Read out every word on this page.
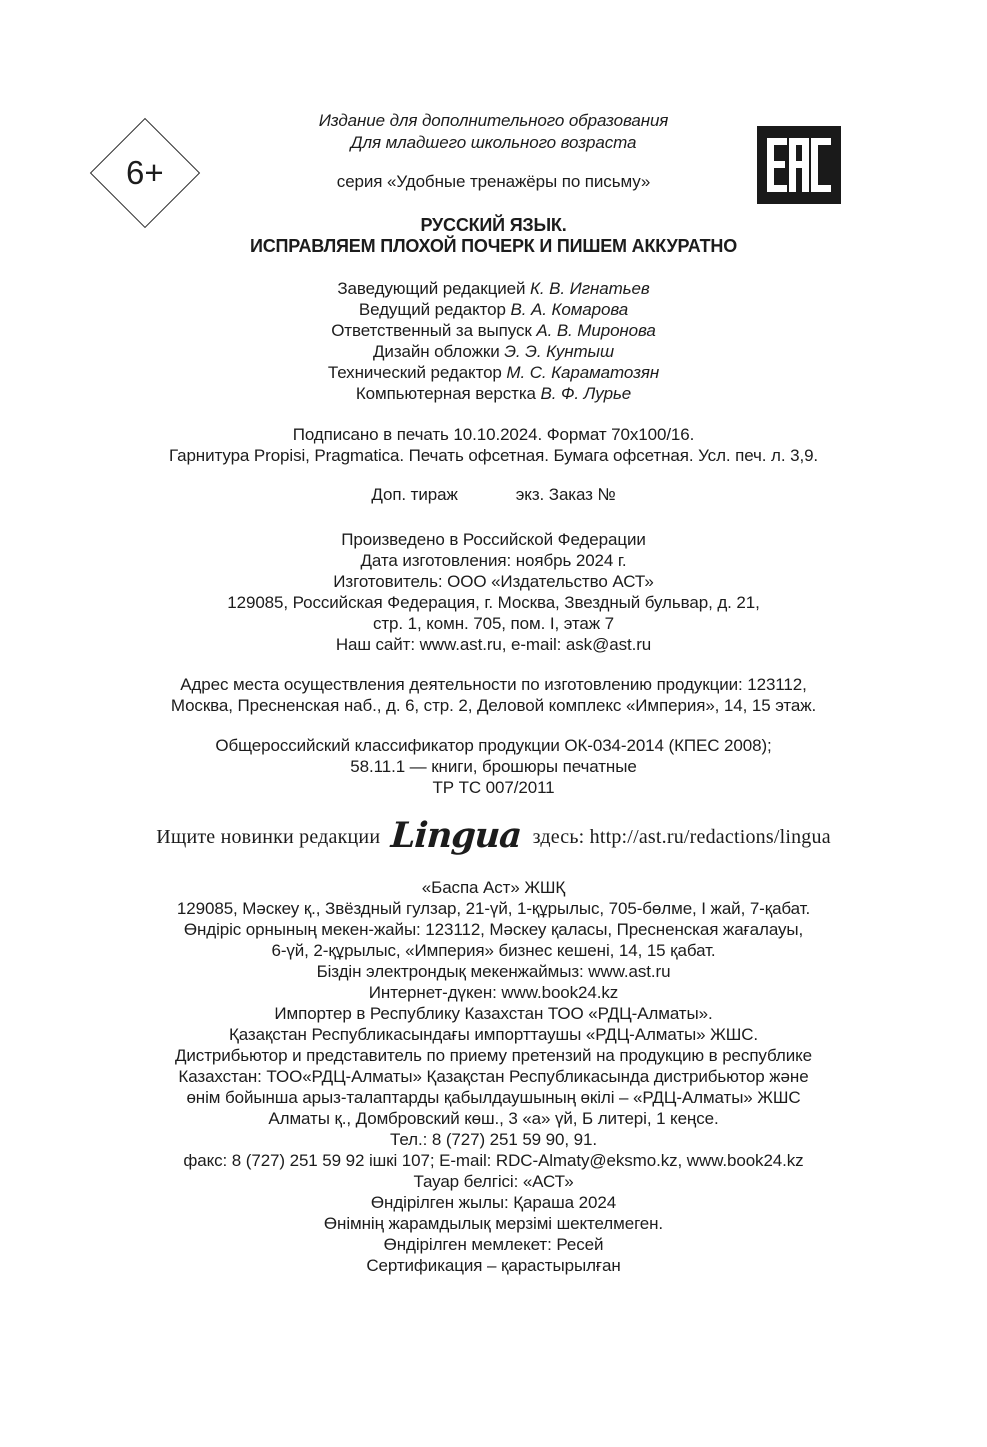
6+
Издание для дополнительного образования
Для младшего школьного возраста
серия «Удобные тренажёры по письму»
РУССКИЙ ЯЗЫК.
ИСПРАВЛЯЕМ ПЛОХОЙ ПОЧЕРК И ПИШЕМ АККУРАТНО
Заведующий редакцией К. В. Игнатьев
Ведущий редактор В. А. Комарова
Ответственный за выпуск А. В. Миронова
Дизайн обложки Э. Э. Кунтыш
Технический редактор М. С. Караматозян
Компьютерная верстка В. Ф. Лурье
Подписано в печать 10.10.2024. Формат 70х100/16.
Гарнитура Propisi, Pragmatica. Печать офсетная. Бумага офсетная. Усл. печ. л. 3,9.
Доп. тираж	экз. Заказ №
Произведено в Российской Федерации
Дата изготовления: ноябрь 2024 г.
Изготовитель: ООО «Издательство АСТ»
129085, Российская Федерация, г. Москва, Звездный бульвар, д. 21,
стр. 1, комн. 705, пом. I, этаж 7
Наш сайт: www.ast.ru, e-mail: ask@ast.ru
Адрес места осуществления деятельности по изготовлению продукции: 123112,
Москва, Пресненская наб., д. 6, стр. 2, Деловой комплекс «Империя», 14, 15 этаж.
Общероссийский классификатор продукции ОК-034-2014 (КПЕС 2008);
58.11.1 — книги, брошюры печатные
ТР ТС 007/2011
Ищите новинки редакции Lingua здесь: http://ast.ru/redactions/lingua
«Баспа Аст» ЖШҚ
129085, Мәскеу қ., Звёздный гулзар, 21-үй, 1-құрылыс, 705-бөлме, I жай, 7-қабат.
Өндіріс орнының мекен-жайы: 123112, Мәскеу қаласы, Пресненская жағалауы,
6-үй, 2-құрылыс, «Империя» бизнес кешені, 14, 15 қабат.
Біздін электрондық мекенжаймыз: www.ast.ru
Интернет-дүкен: www.book24.kz
Импортер в Республику Казахстан ТОО «РДЦ-Алматы».
Қазақстан Республикасындағы импорттаушы «РДЦ-Алматы» ЖШС.
Дистрибьютор и представитель по приему претензий на продукцию в республике
Казахстан: ТОО«РДЦ-Алматы» Қазақстан Республикасында дистрибьютор және
өнім бойынша арыз-талаптарды қабылдаушының өкілі – «РДЦ-Алматы» ЖШС
Алматы қ., Домбровский көш., 3 «а» үй, Б литері, 1 кеңсе.
Тел.: 8 (727) 251 59 90, 91.
факс: 8 (727) 251 59 92 ішкі 107; E-mail: RDC-Almaty@eksmo.kz, www.book24.kz
Тауар белгісі: «АСТ»
Өндірілген жылы: Қараша 2024
Өнімнің жарамдылық мерзімі шектелмеген.
Өндірілген мемлекет: Ресей
Сертификация – қарастырылған
